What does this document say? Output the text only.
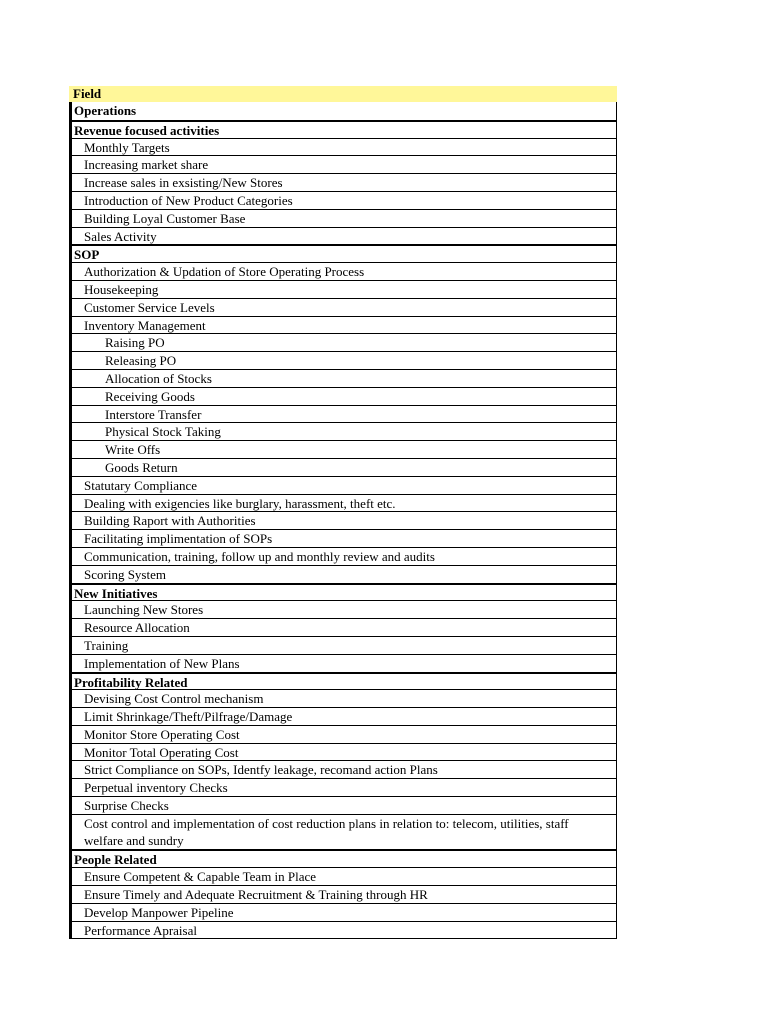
Field
Operations
Revenue focused activities
Monthly Targets
Increasing market share
Increase sales in exsisting/New Stores
Introduction of New Product Categories
Building Loyal Customer Base
Sales Activity
SOP
Authorization & Updation of Store Operating Process
Housekeeping
Customer Service Levels
Inventory Management
Raising PO
Releasing PO
Allocation of Stocks
Receiving Goods
Interstore Transfer
Physical Stock Taking
Write Offs
Goods Return
Statutary Compliance
Dealing with exigencies like burglary, harassment, theft etc.
Building Raport with Authorities
Facilitating implimentation of SOPs
Communication, training, follow up and monthly review and audits
Scoring System
New Initiatives
Launching New Stores
Resource Allocation
Training
Implementation of New Plans
Profitability Related
Devising Cost Control mechanism
Limit Shrinkage/Theft/Pilfrage/Damage
Monitor Store Operating Cost
Monitor Total Operating Cost
Strict Compliance on SOPs, Identfy leakage, recomand action Plans
Perpetual inventory Checks
Surprise Checks
Cost control and implementation of cost reduction plans in relation to: telecom, utilities, staff welfare and sundry
People Related
Ensure Competent & Capable Team in Place
Ensure Timely and Adequate Recruitment & Training through HR
Develop Manpower Pipeline
Performance Apraisal
